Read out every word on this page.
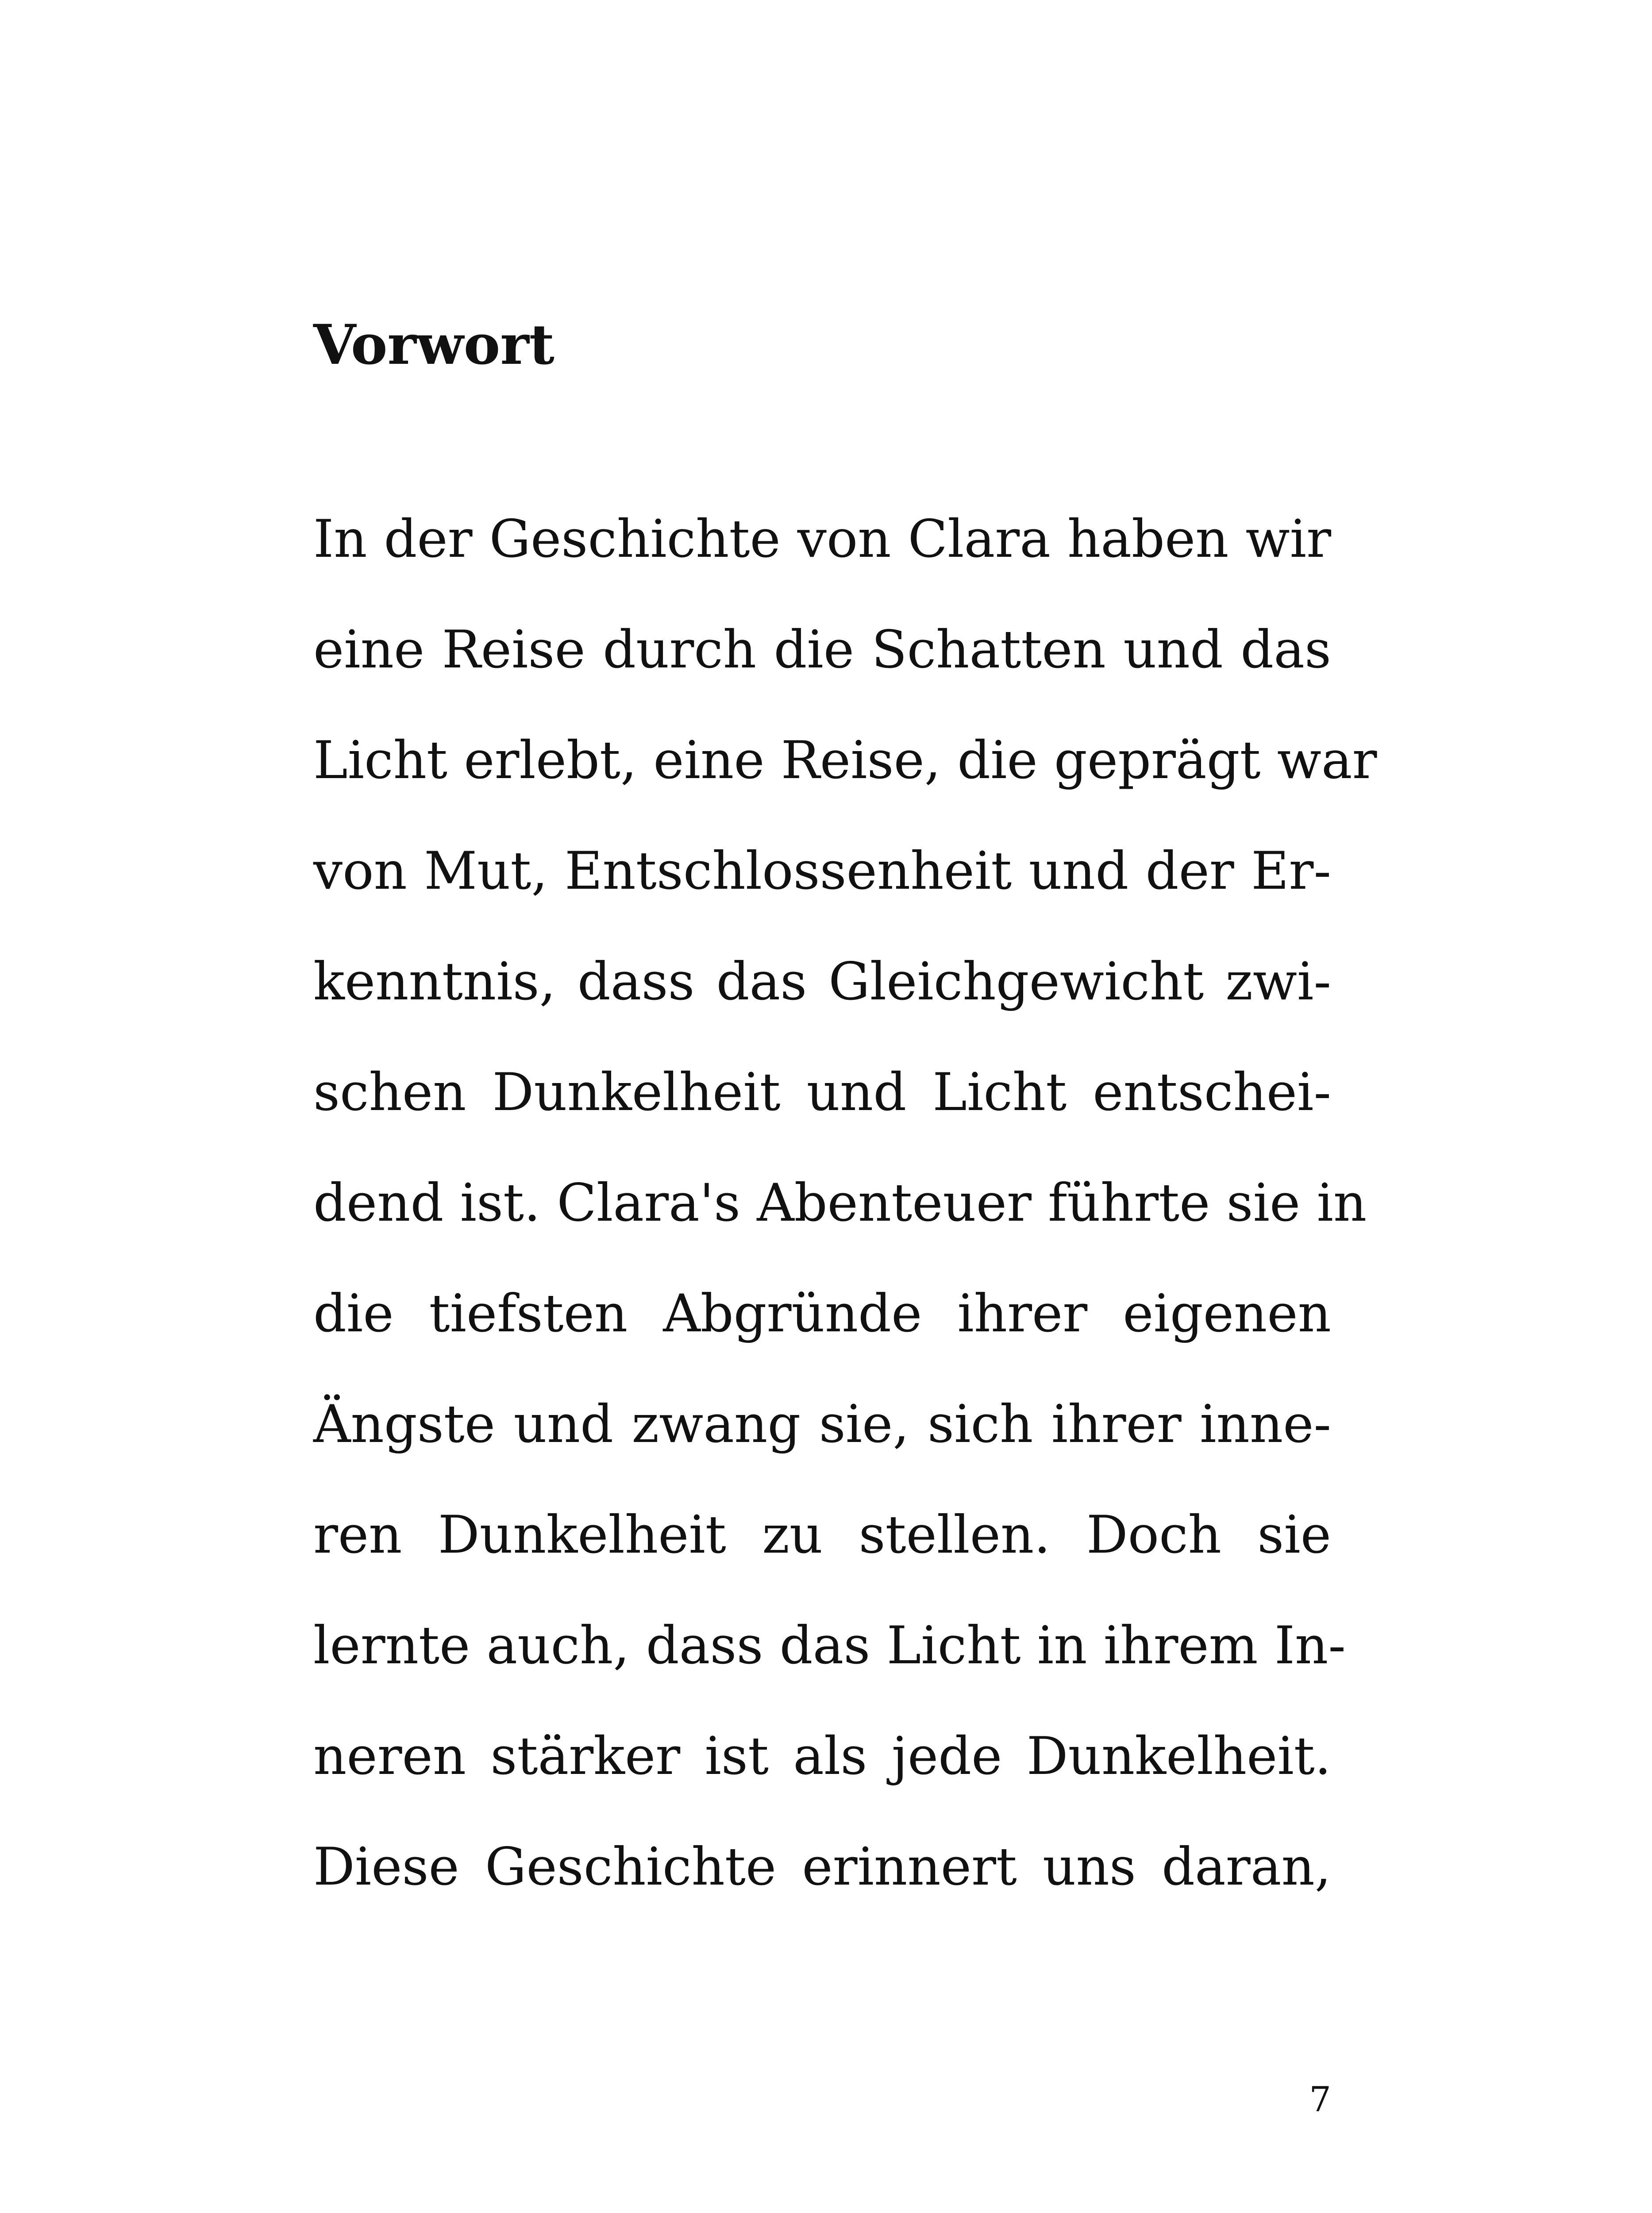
Vorwort
In der Geschichte von Clara haben wir
eine Reise durch die Schatten und das
Licht erlebt, eine Reise, die geprägt war
von Mut, Entschlossenheit und der Er-
kenntnis, dass das Gleichgewicht zwi-
schen Dunkelheit und Licht entschei-
dend ist. Clara's Abenteuer führte sie in
die tiefsten Abgründe ihrer eigenen
Ängste und zwang sie, sich ihrer inne-
ren Dunkelheit zu stellen. Doch sie
lernte auch, dass das Licht in ihrem In-
neren stärker ist als jede Dunkelheit.
Diese Geschichte erinnert uns daran,
7
